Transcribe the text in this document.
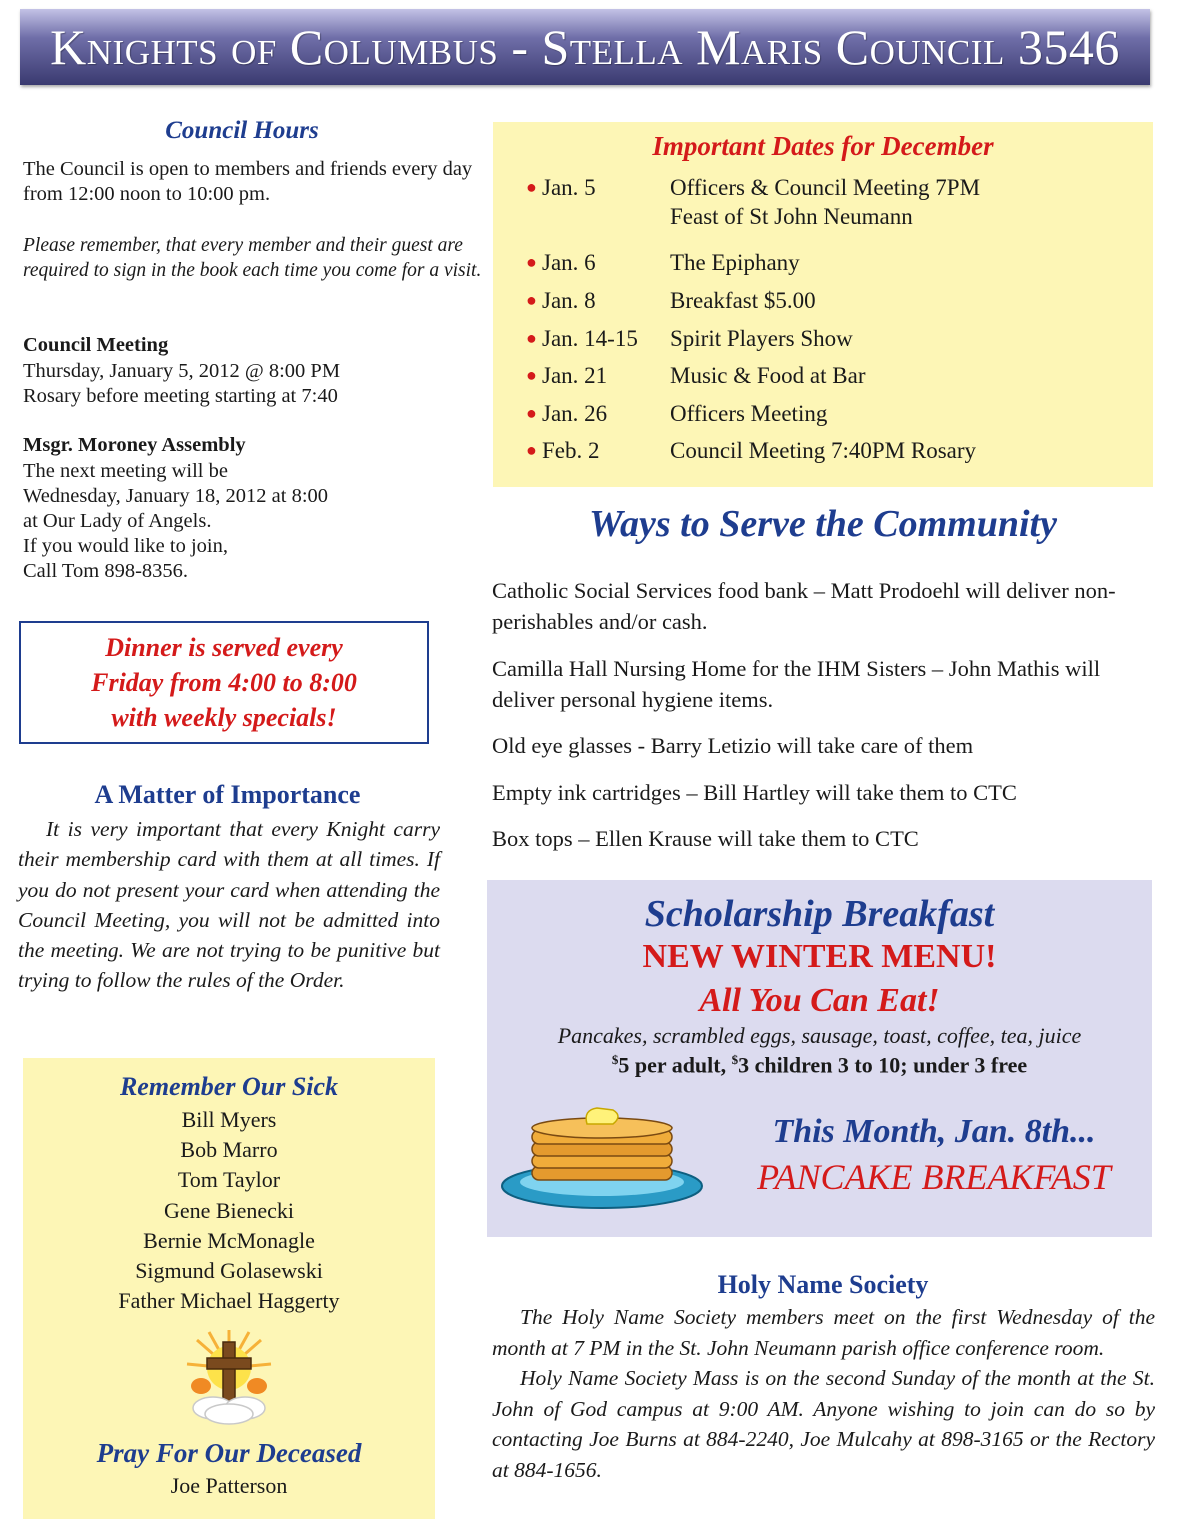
Knights of Columbus - Stella Maris Council 3546
Council Hours

The Council is open to members and friends every day from 12:00 noon to 10:00 pm.

Please remember, that every member and their guest are required to sign in the book each time you come for a visit.

Council Meeting
Thursday, January 5, 2012 @ 8:00 PM
Rosary before meeting starting at 7:40
Msgr. Moroney Assembly
The next meeting will be
Wednesday, January 18, 2012 at 8:00
at Our Lady of Angels.
If you would like to join,
Call Tom 898-8356.
Dinner is served every
Friday from 4:00 to 8:00
with weekly specials!
A Matter of Importance

It is very important that every Knight carry their membership card with them at all times. If you do not present your card when attending the Council Meeting, you will not be admitted into the meeting. We are not trying to be punitive but trying to follow the rules of the Order.

Remember Our Sick
Bill Myers
Bob Marro
Tom Taylor
Gene Bienecki
Bernie McMonagle
Sigmund Golasewski
Father Michael Haggerty
Pray For Our Deceased
Joe Patterson
Important Dates for December
● Jan. 5	Officers & Council Meeting 7PM
Feast of St John Neumann
● Jan. 6	The Epiphany
● Jan. 8	Breakfast $5.00
● Jan. 14-15 Spirit Players Show
● Jan. 21	Music & Food at Bar
● Jan. 26	Officers Meeting
● Feb. 2	Council Meeting 7:40PM Rosary
Ways to Serve the Community
Catholic Social Services food bank – Matt Prodoehl will deliver non-perishables and/or cash.
Camilla Hall Nursing Home for the IHM Sisters – John Mathis will deliver personal hygiene items.
Old eye glasses - Barry Letizio will take care of them
Empty ink cartridges – Bill Hartley will take them to CTC
Box tops – Ellen Krause will take them to CTC
Scholarship Breakfast
NEW WINTER MENU!
All You Can Eat!
Pancakes, scrambled eggs, sausage, toast, coffee, tea, juice
$5 per adult, $3 children 3 to 10; under 3 free
This Month, Jan. 8th...
PANCAKE BREAKFAST
Holy Name Society

The Holy Name Society members meet on the first Wednesday of the month at 7 PM in the St. John Neumann parish office conference room.

Holy Name Society Mass is on the second Sunday of the month at the St. John of God campus at 9:00 AM. Anyone wishing to join can do so by contacting Joe Burns at 884-2240, Joe Mulcahy at 898-3165 or the Rectory at 884-1656.
